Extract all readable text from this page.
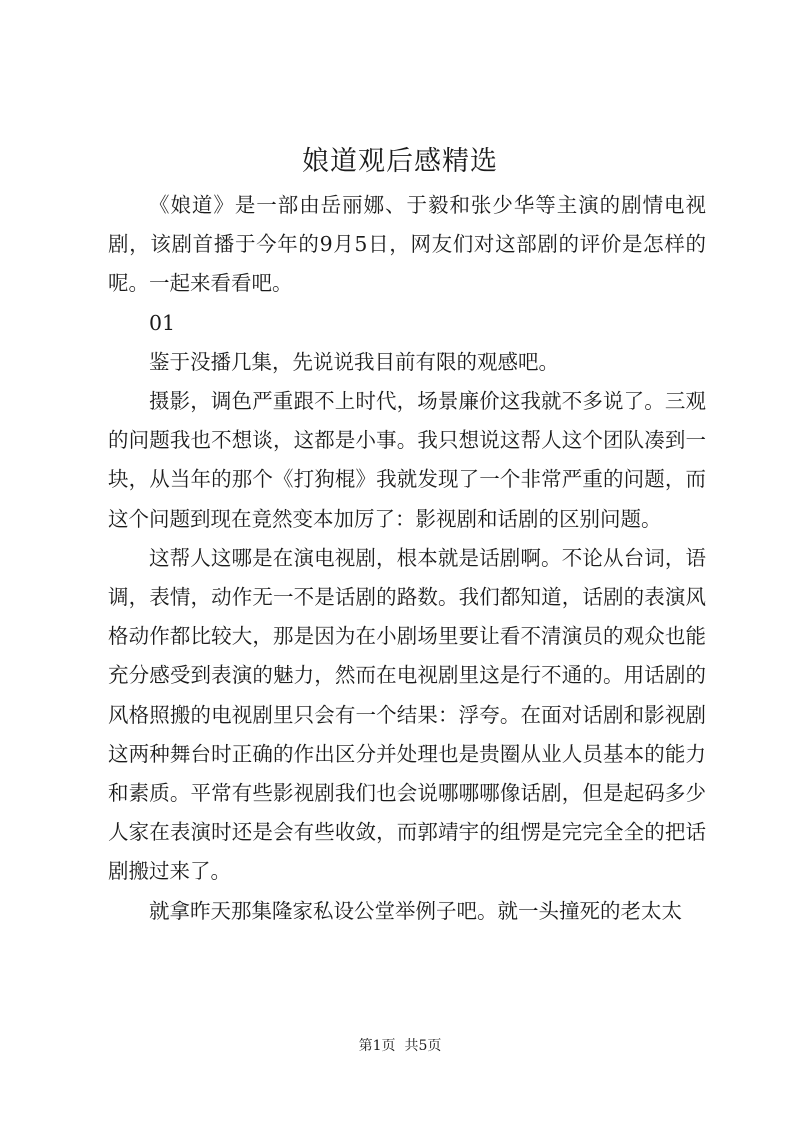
娘道观后感精选

《娘道》是一部由岳丽娜、于毅和张少华等主演的剧情电视剧，该剧首播于今年的9月5日，网友们对这部剧的评价是怎样的呢。一起来看看吧。

01

鉴于没播几集，先说说我目前有限的观感吧。

摄影，调色严重跟不上时代，场景廉价这我就不多说了。三观的问题我也不想谈，这都是小事。我只想说这帮人这个团队凑到一块，从当年的那个《打狗棍》我就发现了一个非常严重的问题，而这个问题到现在竟然变本加厉了：影视剧和话剧的区别问题。

这帮人这哪是在演电视剧，根本就是话剧啊。不论从台词，语调，表情，动作无一不是话剧的路数。我们都知道，话剧的表演风格动作都比较大，那是因为在小剧场里要让看不清演员的观众也能充分感受到表演的魅力，然而在电视剧里这是行不通的。用话剧的风格照搬的电视剧里只会有一个结果：浮夸。在面对话剧和影视剧这两种舞台时正确的作出区分并处理也是贵圈从业人员基本的能力和素质。平常有些影视剧我们也会说哪哪哪像话剧，但是起码多少人家在表演时还是会有些收敛，而郭靖宇的组愣是完完全全的把话剧搬过来了。

就拿昨天那集隆家私设公堂举例子吧。就一头撞死的老太太

第1页  共5页
